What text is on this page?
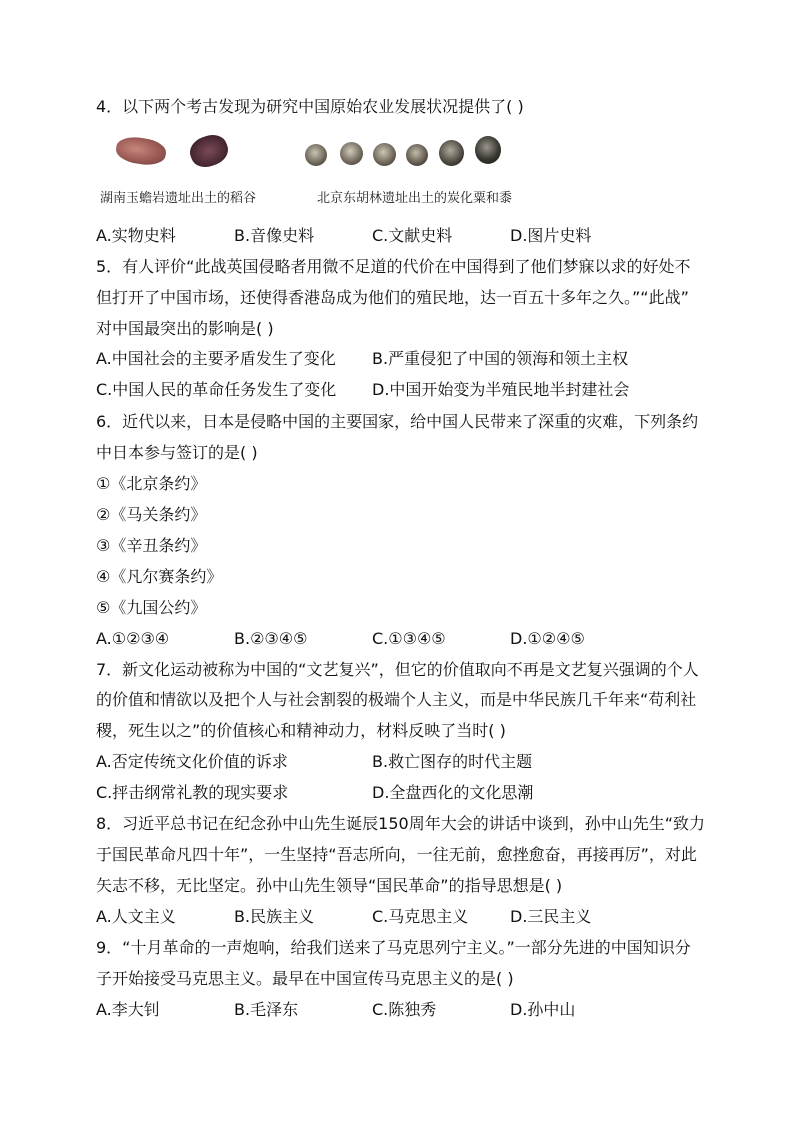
4．以下两个考古发现为研究中国原始农业发展状况提供了( )
湖南玉蟾岩遗址出土的稻谷	北京东胡林遗址出土的炭化粟和黍
A.实物史料	B.音像史料	C.文献史料	D.图片史料
5．有人评价“此战英国侵略者用微不足道的代价在中国得到了他们梦寐以求的好处不
但打开了中国市场，还使得香港岛成为他们的殖民地，达一百五十多年之久。”“此战”
对中国最突出的影响是( )
A.中国社会的主要矛盾发生了变化 B.严重侵犯了中国的领海和领土主权
C.中国人民的革命任务发生了变化 D.中国开始变为半殖民地半封建社会
6．近代以来，日本是侵略中国的主要国家，给中国人民带来了深重的灾难，下列条约
中日本参与签订的是( )
①《北京条约》
②《马关条约》
③《辛丑条约》
④《凡尔赛条约》
⑤《九国公约》
A.①②③④	B.②③④⑤	C.①③④⑤	D.①②④⑤
7．新文化运动被称为中国的“文艺复兴”，但它的价值取向不再是文艺复兴强调的个人
的价值和情欲以及把个人与社会割裂的极端个人主义，而是中华民族几千年来“苟利社
稷，死生以之”的价值核心和精神动力，材料反映了当时( )
A.否定传统文化价值的诉求	B.救亡图存的时代主题
C.抨击纲常礼教的现实要求	D.全盘西化的文化思潮
8．习近平总书记在纪念孙中山先生诞辰150周年大会的讲话中谈到，孙中山先生“致力
于国民革命凡四十年”，一生坚持“吾志所向，一往无前，愈挫愈奋，再接再厉”，对此
矢志不移，无比坚定。孙中山先生领导“国民革命”的指导思想是( )
A.人文主义	B.民族主义	C.马克思主义	D.三民主义
9．“十月革命的一声炮响，给我们送来了马克思列宁主义。”一部分先进的中国知识分
子开始接受马克思主义。最早在中国宣传马克思主义的是( )
A.李大钊	B.毛泽东	C.陈独秀	D.孙中山
